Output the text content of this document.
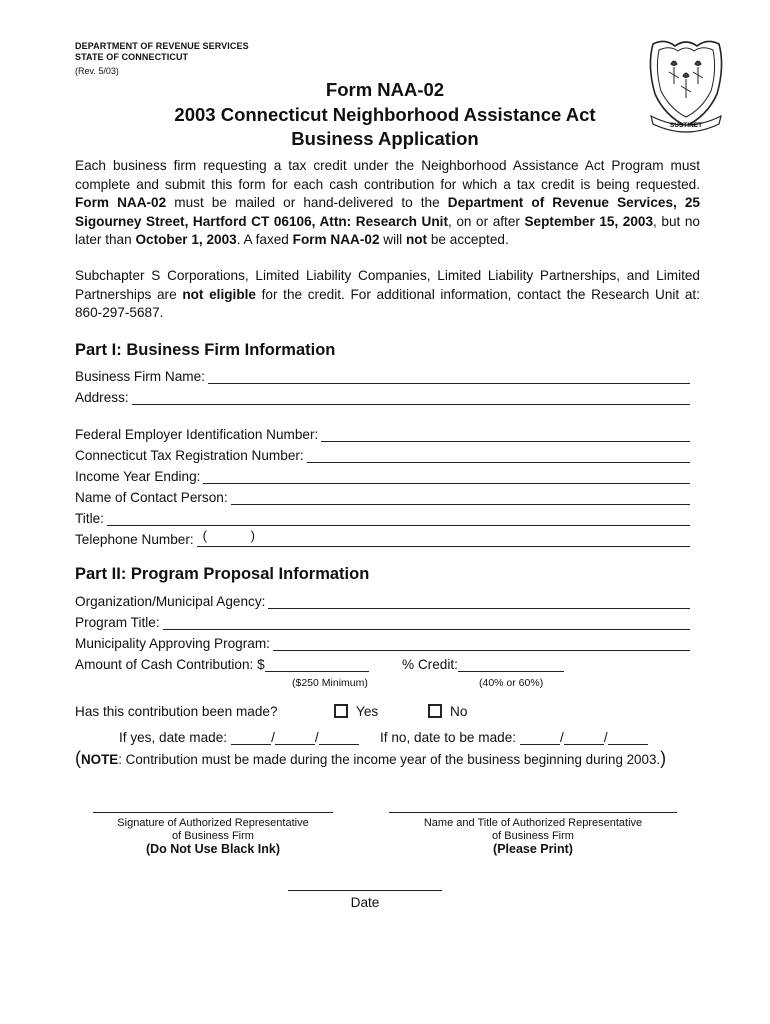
DEPARTMENT OF REVENUE SERVICES
STATE OF CONNECTICUT
(Rev. 5/03)
SUSTINET
Form NAA-02
2003 Connecticut Neighborhood Assistance Act
Business Application

Each business firm requesting a tax credit under the Neighborhood Assistance Act Program must complete and submit this form for each cash contribution for which a tax credit is being requested. Form NAA-02 must be mailed or hand-delivered to the Department of Revenue Services, 25 Sigourney Street, Hartford CT 06106, Attn: Research Unit, on or after September 15, 2003, but no later than October 1, 2003. A faxed Form NAA-02 will not be accepted.

Subchapter S Corporations, Limited Liability Companies, Limited Liability Partnerships, and Limited Partnerships are not eligible for the credit. For additional information, contact the Research Unit at: 860-297-5687.

Part I: Business Firm Information
Business Firm Name:
Address:
Federal Employer Identification Number:
Connecticut Tax Registration Number:
Income Year Ending:
Name of Contact Person:
Title:
Telephone Number: (	)
Part II: Program Proposal Information
Organization/Municipal Agency:
Program Title:
Municipality Approving Program:
Amount of Cash Contribution: $	% Credit:
($250 Minimum)	(40% or 60%)
Has this contribution been made?	Yes	No
If yes, date made:	/	/	If no, date to be made:	/	/
(NOTE: Contribution must be made during the income year of the business beginning during 2003.)
Signature of Authorized Representative
of Business Firm
(Do Not Use Black Ink)
Name and Title of Authorized Representative
of Business Firm
(Please Print)
Date
